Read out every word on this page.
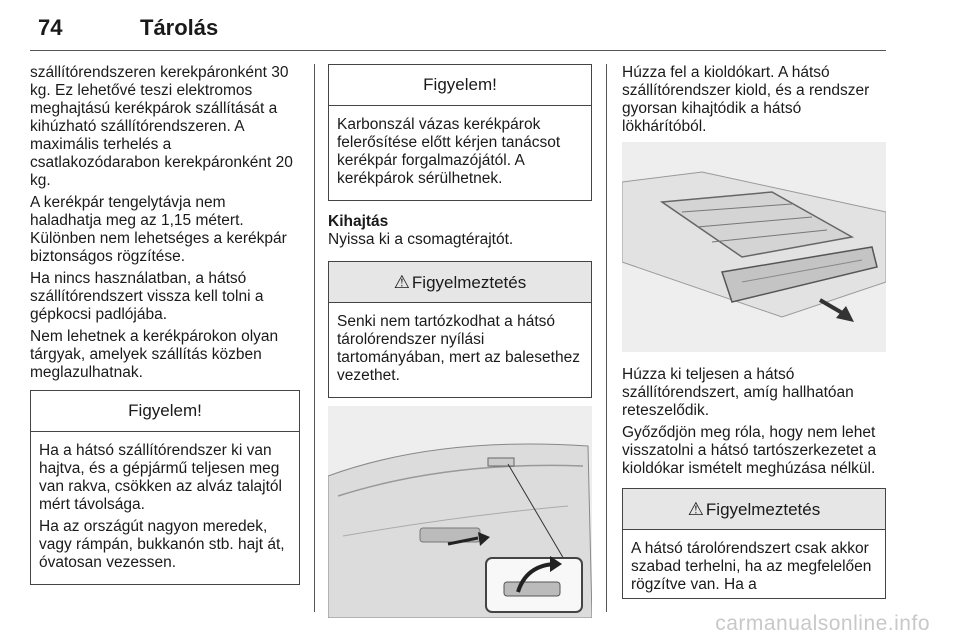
74	Tárolás

szállítórendszeren kerekpáronként 30 kg. Ez lehetővé teszi elektromos meghajtású kerékpárok szállítását a kihúzható szállítórendszeren. A maximális terhelés a csatlakozódarabon kerekpáronként 20 kg.

A kerékpár tengelytávja nem haladhatja meg az 1,15 métert. Különben nem lehetséges a kerékpár biztonságos rögzítése.

Ha nincs használatban, a hátsó szállítórendszert vissza kell tolni a gépkocsi padlójába.

Nem lehetnek a kerékpárokon olyan tárgyak, amelyek szállítás közben meglazulhatnak.

Figyelem!

Ha a hátsó szállítórendszer ki van hajtva, és a gépjármű teljesen meg van rakva, csökken az alváz talajtól mért távolsága.

Ha az országút nagyon meredek, vagy rámpán, bukkanón stb. hajt át, óvatosan vezessen.

Figyelem!

Karbonszál vázas kerékpárok felerősítése előtt kérjen tanácsot kerékpár forgalmazójától. A kerékpárok sérülhetnek.

Kihajtás

Nyissa ki a csomagtérajtót.

⚠ Figyelmeztetés

Senki nem tartózkodhat a hátsó tárolórendszer nyílási tartományában, mert az balesethez vezethet.

Húzza fel a kioldókart. A hátsó szállítórendszer kiold, és a rendszer gyorsan kihajtódik a hátsó lökhárítóból.

Húzza ki teljesen a hátsó szállítórendszert, amíg hallhatóan reteszelődik.

Győződjön meg róla, hogy nem lehet visszatolni a hátsó tartószerkezetet a kioldókar ismételt meghúzása nélkül.

⚠ Figyelmeztetés

A hátsó tárolórendszert csak akkor szabad terhelni, ha az megfelelően rögzítve van. Ha a

carmanualsonline.info
